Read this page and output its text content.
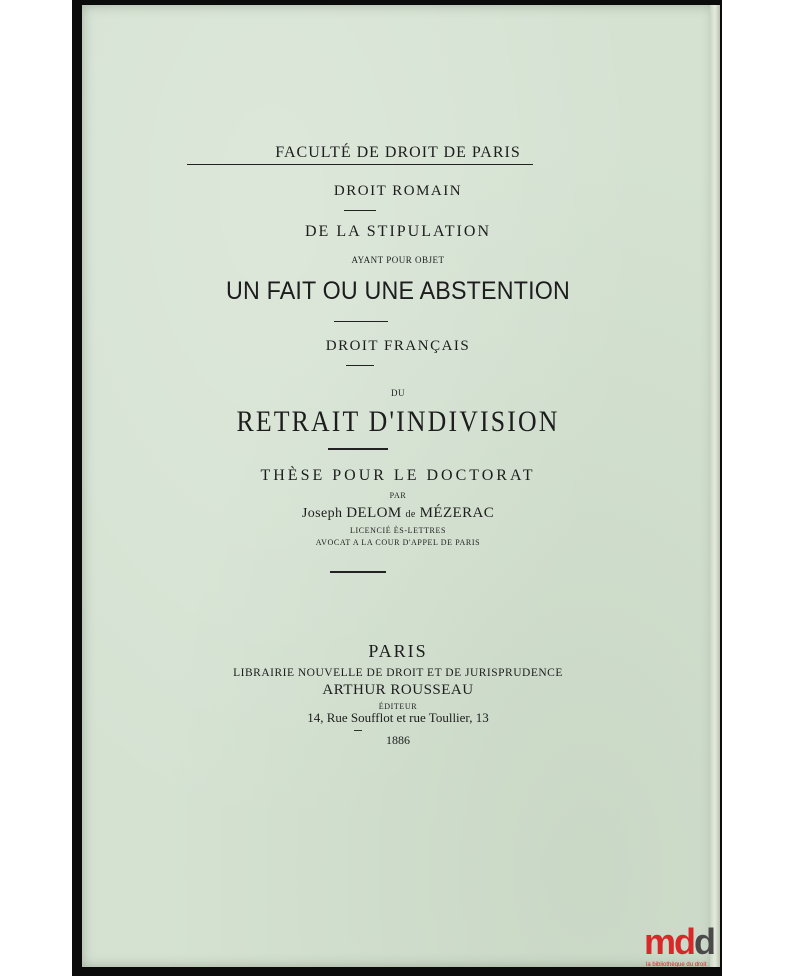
FACULTÉ DE DROIT DE PARIS
DROIT ROMAIN
DE LA STIPULATION
AYANT POUR OBJET
UN FAIT OU UNE ABSTENTION
DROIT FRANÇAIS
DU
RETRAIT D'INDIVISION
THÈSE POUR LE DOCTORAT
PAR
Joseph DELOM de MÉZERAC
LICENCIÉ ÈS-LETTRES
AVOCAT A LA COUR D'APPEL DE PARIS
PARIS
LIBRAIRIE NOUVELLE DE DROIT ET DE JURISPRUDENCE
ARTHUR ROUSSEAU
ÉDITEUR
14, Rue Soufflot et rue Toullier, 13
1886
mdd
la bibliothèque du droit
